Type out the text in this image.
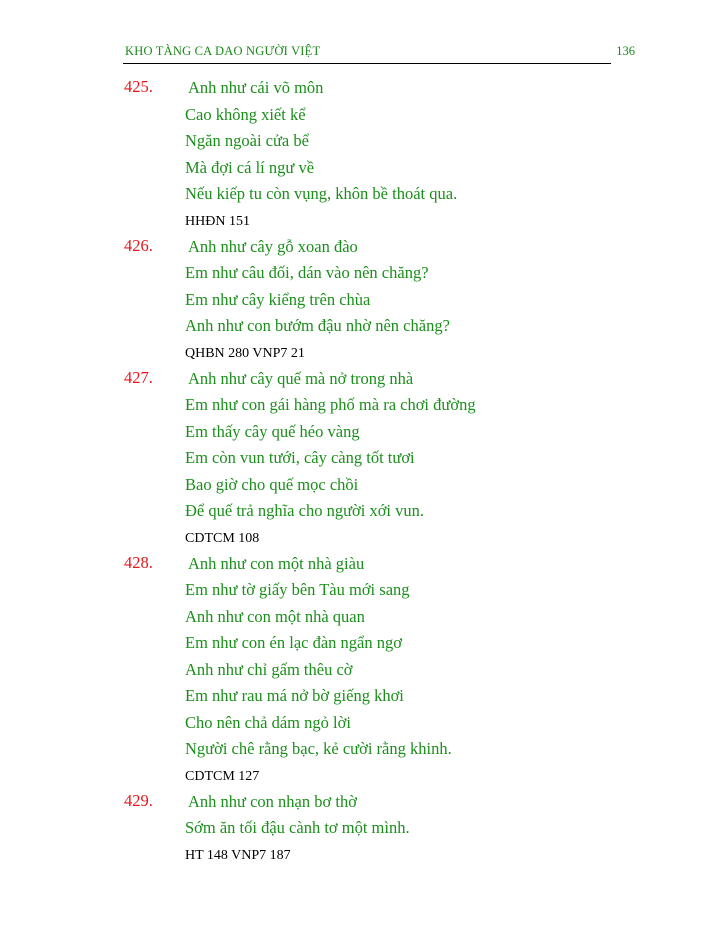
KHO TÀNG CA DAO NGƯỜI VIỆT	136
425. Anh như cái võ môn
Cao không xiết kể
Ngăn ngoài cửa bể
Mà đợi cá lí ngư về
Nếu kiếp tu còn vụng, khôn bề thoát qua.
HHĐN 151
426. Anh như cây gỗ xoan đào
Em như câu đối, dán vào nên chăng?
Em như cây kiểng trên chùa
Anh như con bướm đậu nhờ nên chăng?
QHBN 280 VNP7 21
427. Anh như cây quế mà nở trong nhà
Em như con gái hàng phố mà ra chơi đường
Em thấy cây quế héo vàng
Em còn vun tưới, cây càng tốt tươi
Bao giờ cho quế mọc chồi
Để quế trả nghĩa cho người xới vun.
CDTCM 108
428. Anh như con một nhà giàu
Em như tờ giấy bên Tàu mới sang
Anh như con một nhà quan
Em như con én lạc đàn ngẩn ngơ
Anh như chỉ gấm thêu cờ
Em như rau má nở bờ giếng khơi
Cho nên chả dám ngỏ lời
Người chê rằng bạc, kẻ cười rằng khinh.
CDTCM 127
429. Anh như con nhạn bơ thờ
Sớm ăn tối đậu cành tơ một mình.
HT 148 VNP7 187
